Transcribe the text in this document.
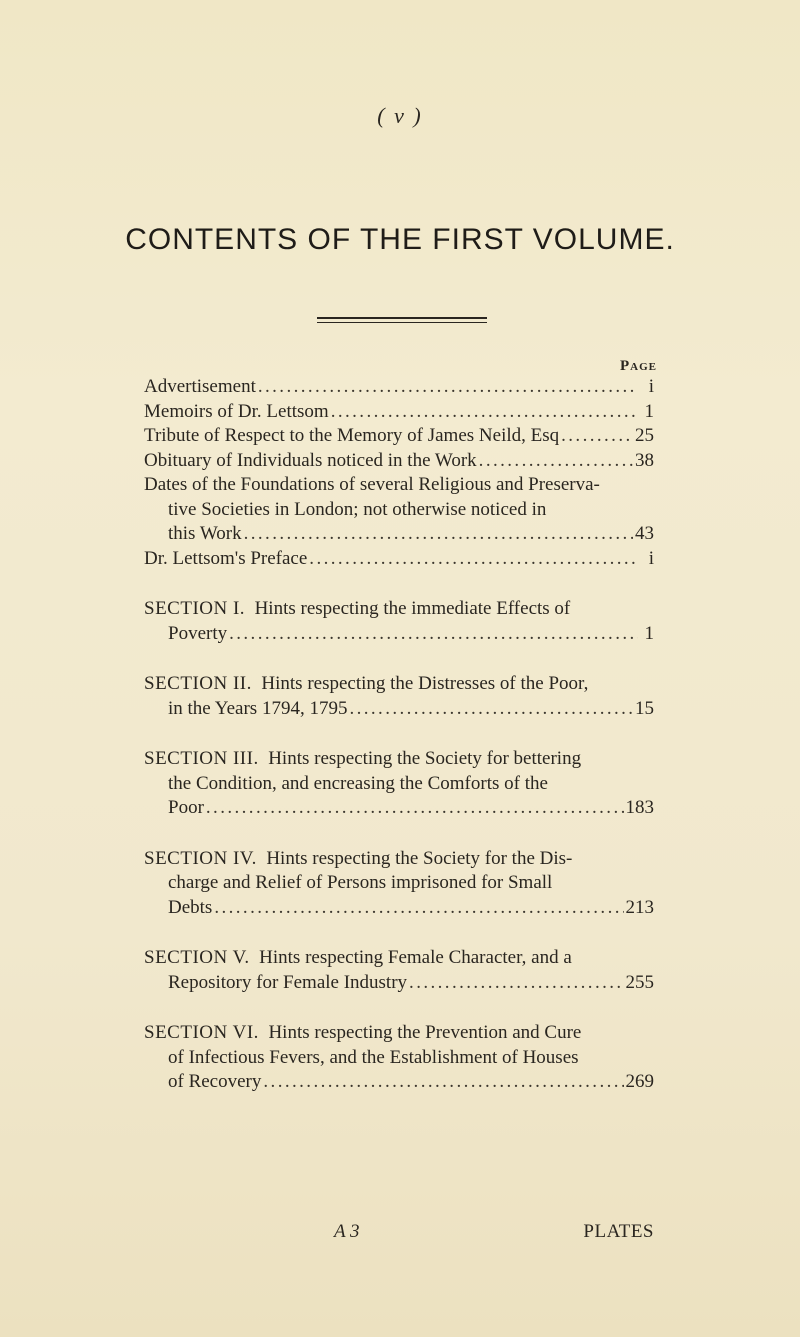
( v )
CONTENTS OF THE FIRST VOLUME.
Page
Advertisement .....	i
Memoirs of Dr. Lettsom .....	1
Tribute of Respect to the Memory of James Neild, Esq .....	25
Obituary of Individuals noticed in the Work .....	38
Dates of the Foundations of several Religious and Preserva-
tive Societies in London; not otherwise noticed in
this Work .....	43
Dr. Lettsom's Preface .....	i
SECTION I.
Hints respecting the immediate Effects of
Poverty .....	1
SECTION II.
Hints respecting the Distresses of the Poor,
in the Years 1794, 1795 .....	15
SECTION III.
Hints respecting the Society for bettering
the Condition, and encreasing the Comforts of the
Poor .....	183
SECTION IV.
Hints respecting the Society for the Dis-
charge and Relief of Persons imprisoned for Small
Debts .....	213
SECTION V.
Hints respecting Female Character, and a
Repository for Female Industry .....	255
SECTION VI.
Hints respecting the Prevention and Cure
of Infectious Fevers, and the Establishment of Houses
of Recovery .....	269
A 3	PLATES
